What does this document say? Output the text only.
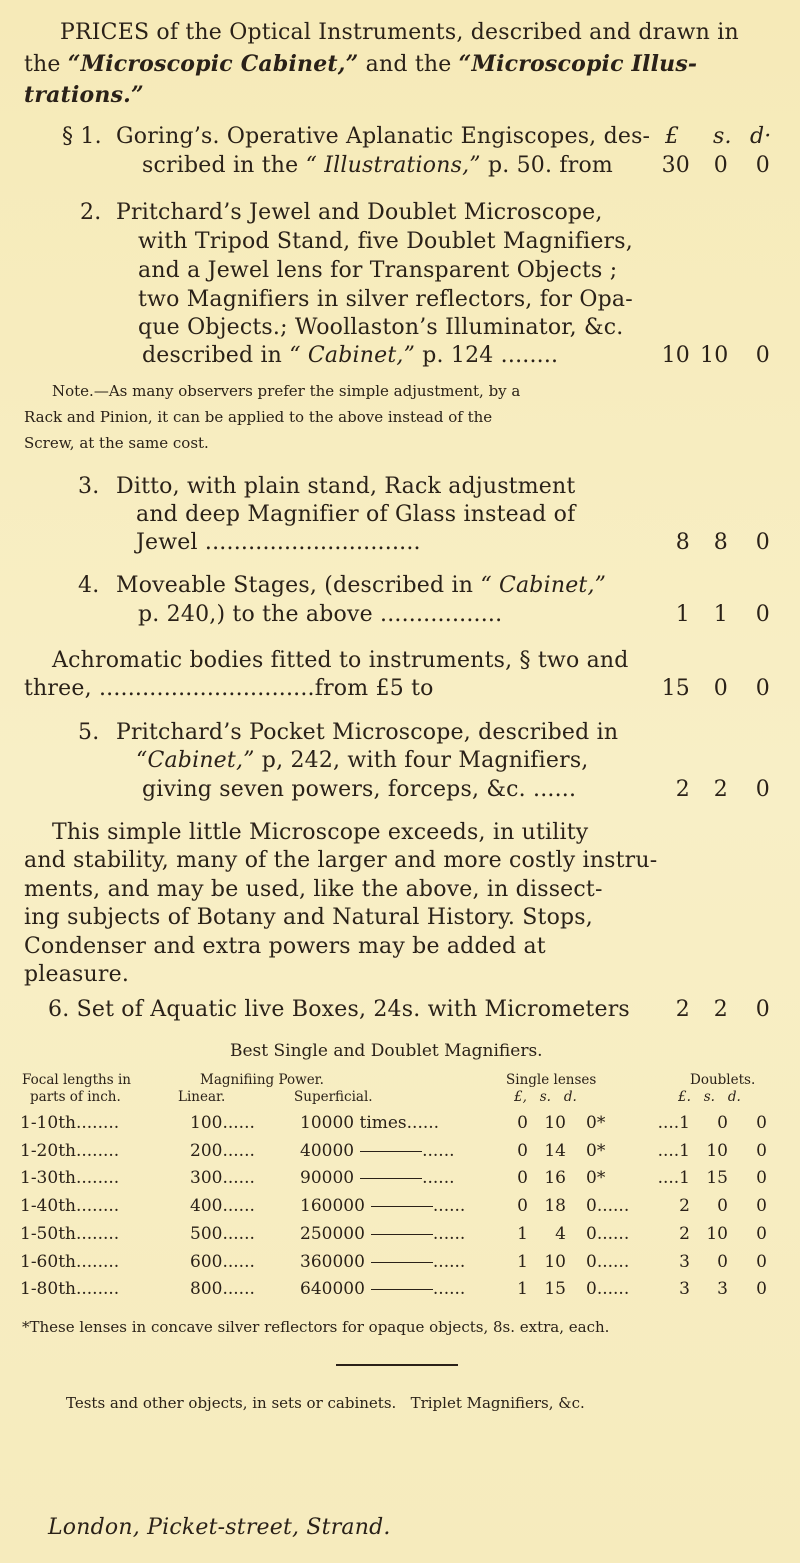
PRICES of the Optical Instruments, described and drawn in
the “Microscopic Cabinet,” and the “Microscopic Illus-
trations.”
£	s. d·
§ 1. Goring’s. Operative Aplanatic Engiscopes, des-
scribed in the “ Illustrations,” p. 50. from	30	0	0
2. Pritchard’s Jewel and Doublet Microscope,
with Tripod Stand, five Doublet Magnifiers,
and a Jewel lens for Transparent Objects ;
two Magnifiers in silver reflectors, for Opa-
que Objects.; Woollaston’s Illuminator, &c.
described in “ Cabinet,” p. 124 ........	10 10	0
Note.—As many observers prefer the simple adjustment, by a
Rack and Pinion, it can be applied to the above instead of the
Screw, at the same cost.
3. Ditto, with plain stand, Rack adjustment
and deep Magnifier of Glass instead of
Jewel ..............................	8	8	0
4. Moveable Stages, (described in “ Cabinet,”
p. 240,) to the above .................	1	1	0
Achromatic bodies fitted to instruments, § two and
three, ..............................from £5 to	15	0	0
5. Pritchard’s Pocket Microscope, described in
“Cabinet,” p, 242, with four Magnifiers,
giving seven powers, forceps, &c. ......	2	2	0
This simple little Microscope exceeds, in utility
and stability, many of the larger and more costly instru-
ments, and may be used, like the above, in dissect-
ing subjects of Botany and Natural History. Stops,
Condenser and extra powers may be added at
pleasure.
6. Set of Aquatic live Boxes, 24s. with Micrometers	2	2	0
Best Single and Doublet Magnifiers.
Focal lengths in
parts of inch.
Magnifiing Power.
Linear.	Superficial.
Single lenses
£,   s.   d.
Doublets.
£.   s.   d.
1-10th........	100......	10000 times......	0 10 0*	....1	0	0
1-20th........	200......	40000	......	0 14 0*	....1 10	0
1-30th........	300......	90000	......	0 16 0*	....1 15	0
1-40th........	400......	160000	......	0 18 0......	2	0	0
1-50th........	500......	250000	......	1	4 0......	2 10	0
1-60th........	600......	360000	......	1 10 0......	3	0	0
1-80th........	800......	640000	......	1 15 0......	3	3	0
*These lenses in concave silver reflectors for opaque objects, 8s. extra, each.
Tests and other objects, in sets or cabinets.   Triplet Magnifiers, &c.
London, Picket-street, Strand.
